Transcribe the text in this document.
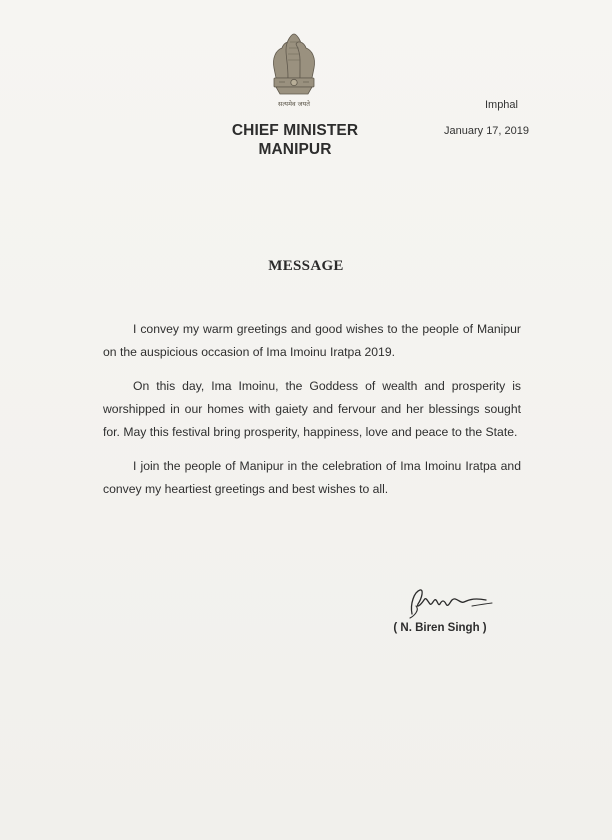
सत्यमेव जयते
CHIEF MINISTER
MANIPUR
Imphal
January 17, 2019
MESSAGE

I convey my warm greetings and good wishes to the people of Manipur on the auspicious occasion of Ima Imoinu Iratpa 2019.

On this day, Ima Imoinu, the Goddess of wealth and prosperity is worshipped in our homes with gaiety and fervour and her blessings sought for. May this festival bring prosperity, happiness, love and peace to the State.

I join the people of Manipur in the celebration of Ima Imoinu Iratpa and convey my heartiest greetings and best wishes to all.

( N. Biren Singh )
